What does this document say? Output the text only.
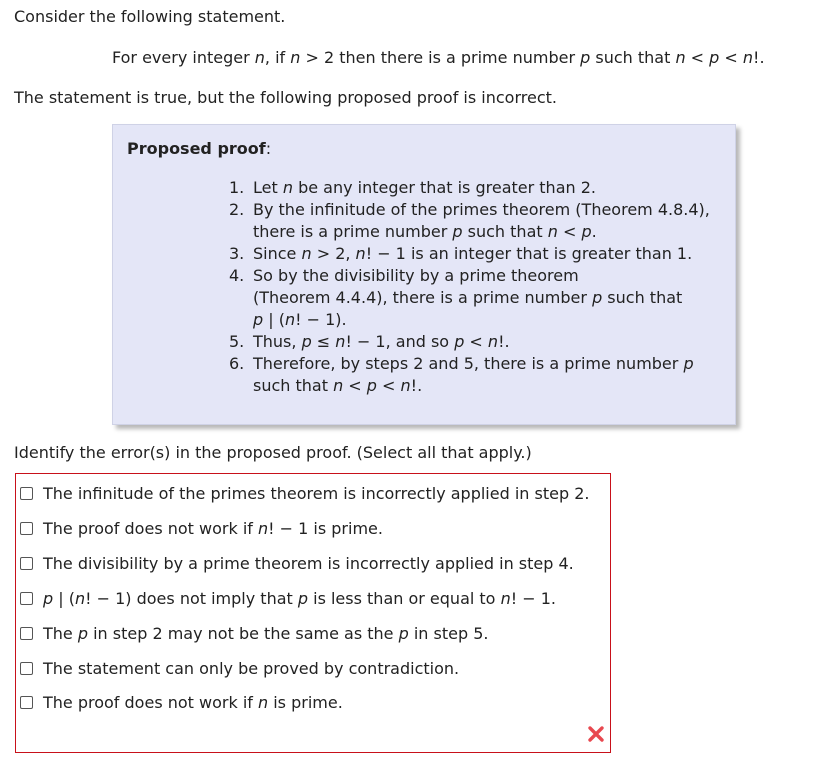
Consider the following statement.
For every integer n, if n > 2 then there is a prime number p such that n < p < n!.
The statement is true, but the following proposed proof is incorrect.
Proposed proof:
1. Let n be any integer that is greater than 2.
2. By the infinitude of the primes theorem (Theorem 4.8.4),
there is a prime number p such that n < p.
3. Since n > 2, n! − 1 is an integer that is greater than 1.
4. So by the divisibility by a prime theorem
(Theorem 4.4.4), there is a prime number p such that
p | (n! − 1).
5. Thus, p ≤ n! − 1, and so p < n!.
6. Therefore, by steps 2 and 5, there is a prime number p
such that n < p < n!.
Identify the error(s) in the proposed proof. (Select all that apply.)
The infinitude of the primes theorem is incorrectly applied in step 2.
The proof does not work if n! − 1 is prime.
The divisibility by a prime theorem is incorrectly applied in step 4.
p | (n! − 1) does not imply that p is less than or equal to n! − 1.
The p in step 2 may not be the same as the p in step 5.
The statement can only be proved by contradiction.
The proof does not work if n is prime.
